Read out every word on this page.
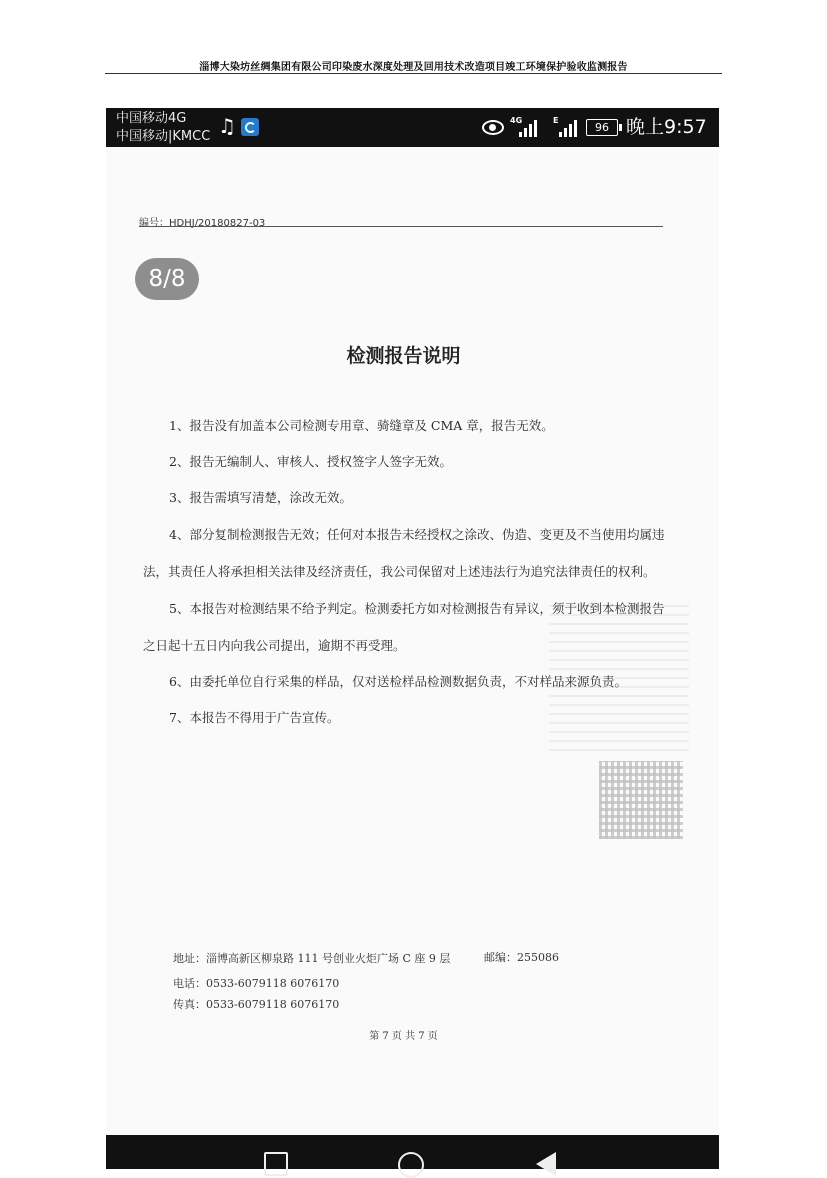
淄博大染坊丝绸集团有限公司印染废水深度处理及回用技术改造项目竣工环境保护验收监测报告
中国移动4G
中国移动|KMCC ♫	4G	E
96 晚上9:57
编号：HDHJ/20180827-03
8/8
检测报告说明

1、报告没有加盖本公司检测专用章、骑缝章及 CMA 章，报告无效。

2、报告无编制人、审核人、授权签字人签字无效。

3、报告需填写清楚，涂改无效。

4、部分复制检测报告无效；任何对本报告未经授权之涂改、伪造、变更及不当使用均属违法，其责任人将承担相关法律及经济责任，我公司保留对上述违法行为追究法律责任的权利。

5、本报告对检测结果不给予判定。检测委托方如对检测报告有异议，须于收到本检测报告之日起十五日内向我公司提出，逾期不再受理。

6、由委托单位自行采集的样品，仅对送检样品检测数据负责，不对样品来源负责。

7、本报告不得用于广告宣传。

地址：淄博高新区柳泉路 111 号创业火炬广场 C 座 9 层	邮编：255086
电话：0533-6079118 6076170
传真：0533-6079118 6076170
第 7 页 共 7 页
